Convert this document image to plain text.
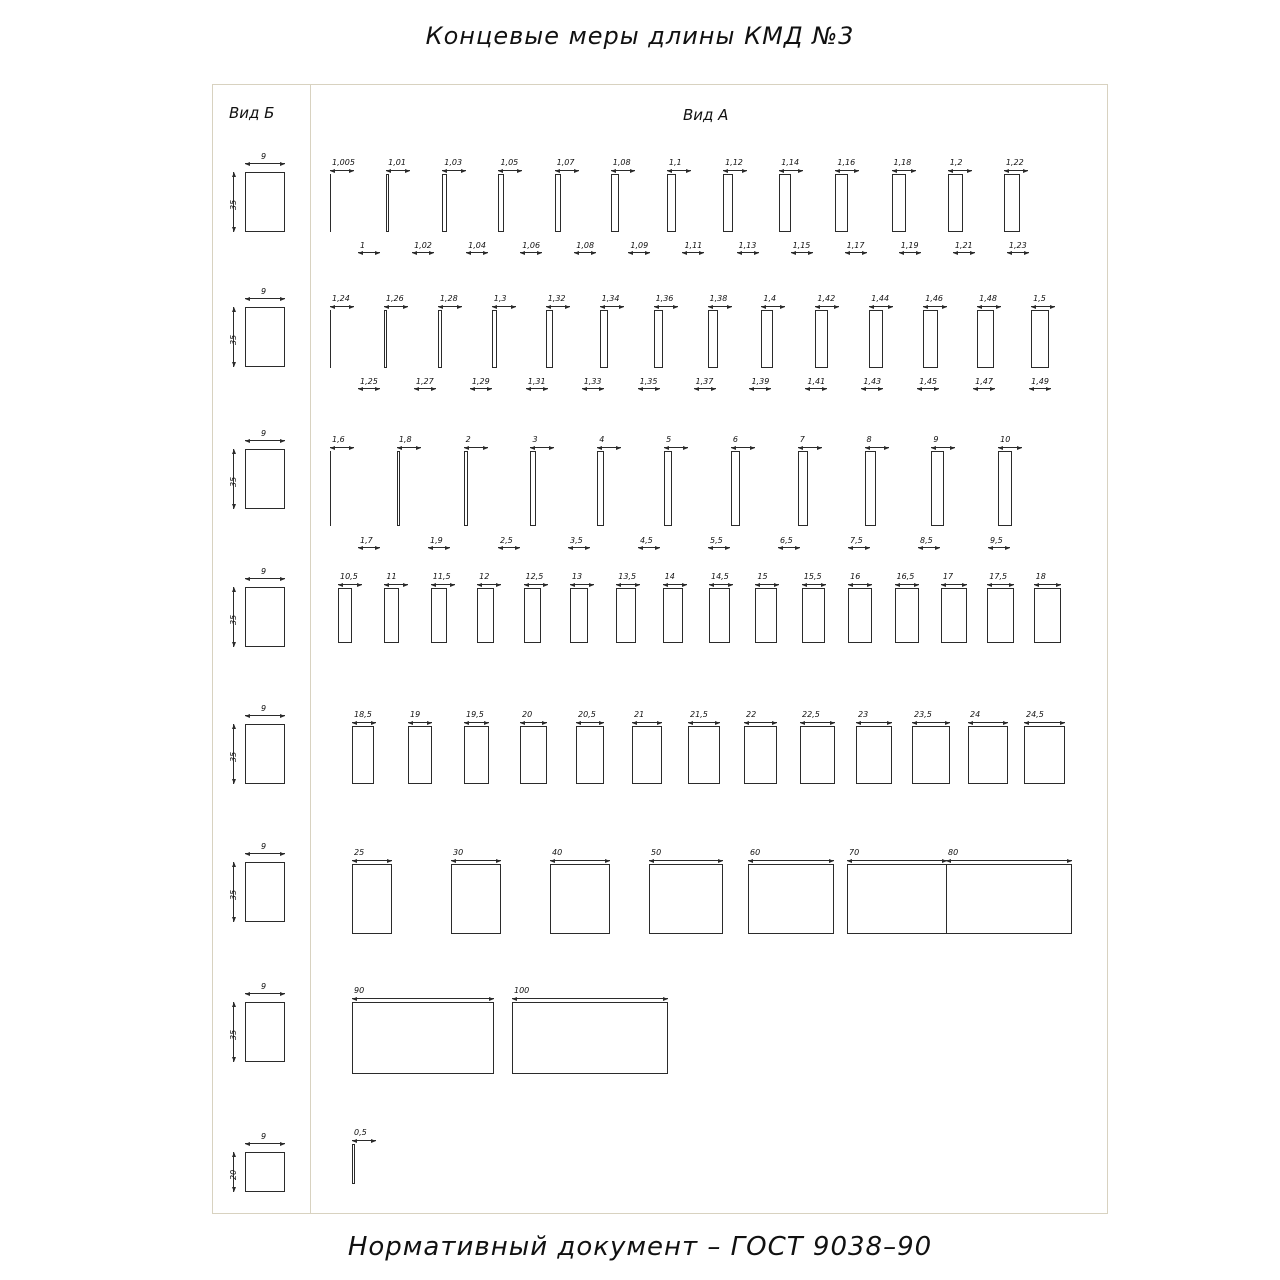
Концевые меры длины КМД №3
Вид Б	Вид А
9
35
9
35
9
35
9
35
9
35
9
35
9
35
9
20
1,005	1,01	1,03	1,05	1,07	1,08	1,1	1,12	1,14	1,16	1,18	1,2	1,22
1	1,02	1,04	1,06	1,08	1,09	1,11	1,13	1,15	1,17	1,19	1,21	1,23
1,24	1,26	1,28	1,3	1,32	1,34	1,36	1,38	1,4	1,42	1,44	1,46	1,48	1,5
1,25	1,27	1,29	1,31	1,33	1,35	1,37	1,39	1,41	1,43	1,45	1,47	1,49
1,6	1,8	2	3	4	5	6	7	8	9	10
1,7	1,9	2,5	3,5	4,5	5,5	6,5	7,5	8,5	9,5
10,5	11	11,5	12	12,5	13	13,5	14	14,5	15	15,5	16	16,5	17	17,5	18
18,5	19	19,5	20	20,5	21	21,5	22	22,5	23	23,5	24	24,5
25	30	40	50	60	70	80
90	100
0,5
Нормативный документ – ГОСТ 9038–90
